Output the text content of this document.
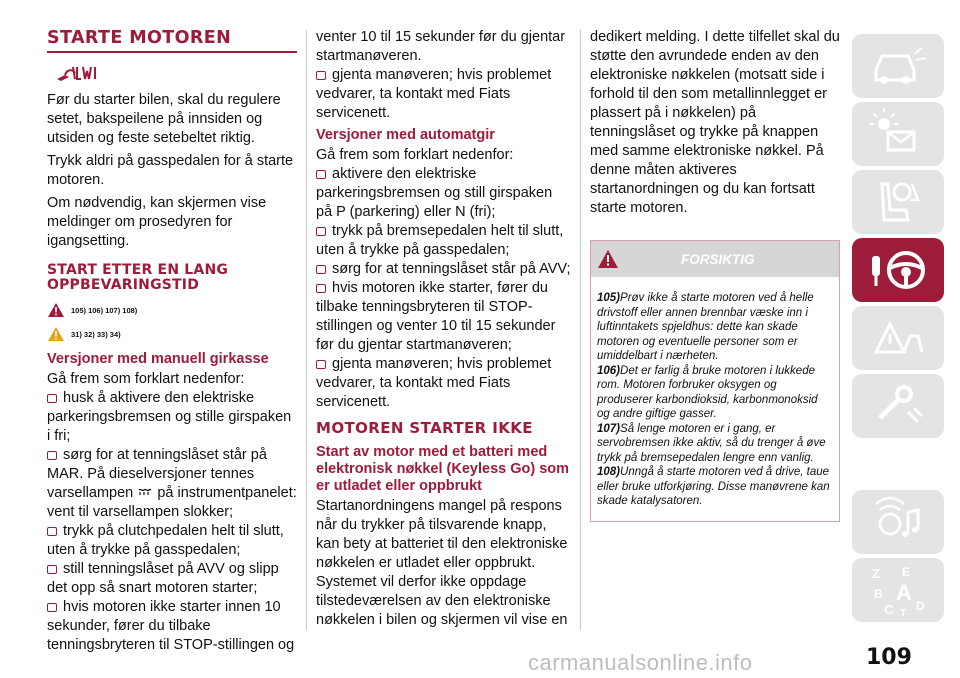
STARTE MOTOREN

Før du starter bilen, skal du regulere setet, bakspeilene på innsiden og utsiden og feste setebeltet riktig.

Trykk aldri på gasspedalen for å starte motoren.

Om nødvendig, kan skjermen vise meldinger om prosedyren for igangsetting.

START ETTER EN LANG OPPBEVARINGSTID
105) 106) 107) 108)
31) 32) 33) 34)
Versjoner med manuell girkasse

Gå frem som forklart nedenfor:

husk å aktivere den elektriske parkeringsbremsen og stille girspaken i fri;

sørg for at tenningslåset står på MAR. På dieselversjoner tennes varsellampen på instrumentpanelet: vent til varsellampen slokker;

trykk på clutchpedalen helt til slutt, uten å trykke på gasspedalen;

still tenningslåset på AVV og slipp det opp så snart motoren starter;

hvis motoren ikke starter innen 10 sekunder, fører du tilbake tenningsbryteren til STOP-stillingen og

venter 10 til 15 sekunder før du gjentar startmanøveren.

gjenta manøveren; hvis problemet vedvarer, ta kontakt med Fiats servicenett.

Versjoner med automatgir

Gå frem som forklart nedenfor:

aktivere den elektriske parkeringsbremsen og still girspaken på P (parkering) eller N (fri);

trykk på bremsepedalen helt til slutt, uten å trykke på gasspedalen;

sørg for at tenningslåset står på AVV;

hvis motoren ikke starter, fører du tilbake tenningsbryteren til STOP-stillingen og venter 10 til 15 sekunder før du gjentar startmanøveren;

gjenta manøveren; hvis problemet vedvarer, ta kontakt med Fiats servicenett.

MOTOREN STARTER IKKE
Start av motor med et batteri med elektronisk nøkkel (Keyless Go) som er utladet eller oppbrukt

Startanordningens mangel på respons når du trykker på tilsvarende knapp, kan bety at batteriet til den elektroniske nøkkelen er utladet eller oppbrukt. Systemet vil derfor ikke oppdage tilstedeværelsen av den elektroniske nøkkelen i bilen og skjermen vil vise en

dedikert melding. I dette tilfellet skal du støtte den avrundede enden av den elektroniske nøkkelen (motsatt side i forhold til den som metallinnlegget er plassert på i nøkkelen) på tenningslåset og trykke på knappen med samme elektroniske nøkkel. På denne måten aktiveres startanordningen og du kan fortsatt starte motoren.

FORSIKTIG
105)Prøv ikke å starte motoren ved å helle drivstoff eller annen brennbar væske inn i luftinntakets spjeldhus: dette kan skade motoren og eventuelle personer som er umiddelbart i nærheten.
106)Det er farlig å bruke motoren i lukkede rom. Motoren forbruker oksygen og produserer karbondioksid, karbonmonoksid og andre giftige gasser.
107)Så lenge motoren er i gang, er servobremsen ikke aktiv, så du trenger å øve trykk på bremsepedalen lengre enn vanlig.
108)Unngå å starte motoren ved å drive, taue eller bruke utforkjøring. Disse manøvrene kan skade katalysatoren.
Z E
B A
C T
D
109
carmanualsonline.info
